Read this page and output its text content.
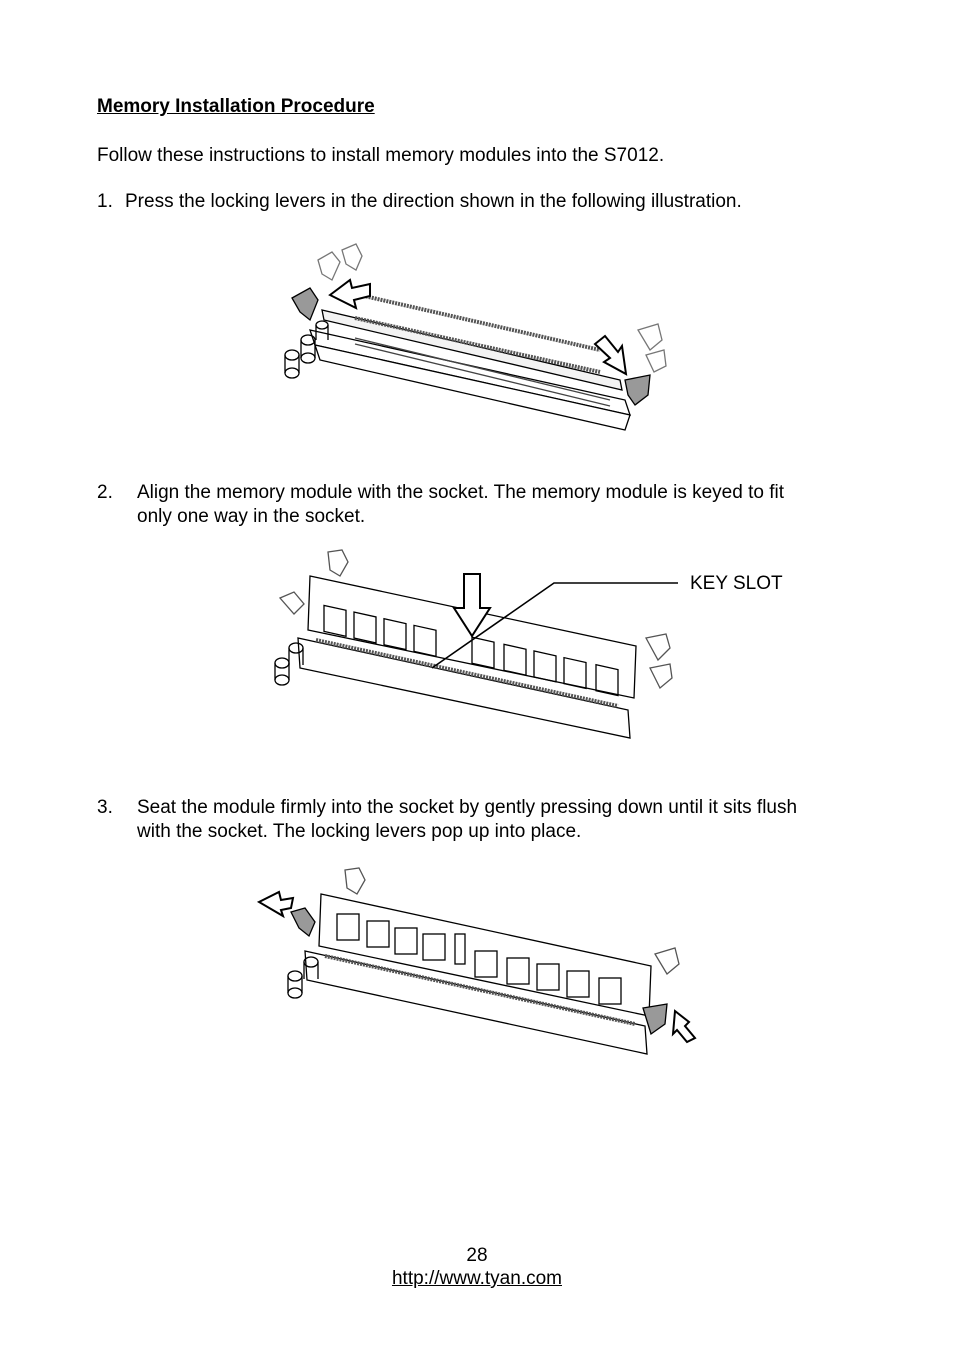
Memory Installation Procedure
Follow these instructions to install memory modules into the S7012.
1. Press the locking levers in the direction shown in the following illustration.
2. Align the memory module with the socket. The memory module is keyed to fit
only one way in the socket.
KEY SLOT
3. Seat the module firmly into the socket by gently pressing down until it sits flush
with the socket. The locking levers pop up into place.
28
http://www.tyan.com
